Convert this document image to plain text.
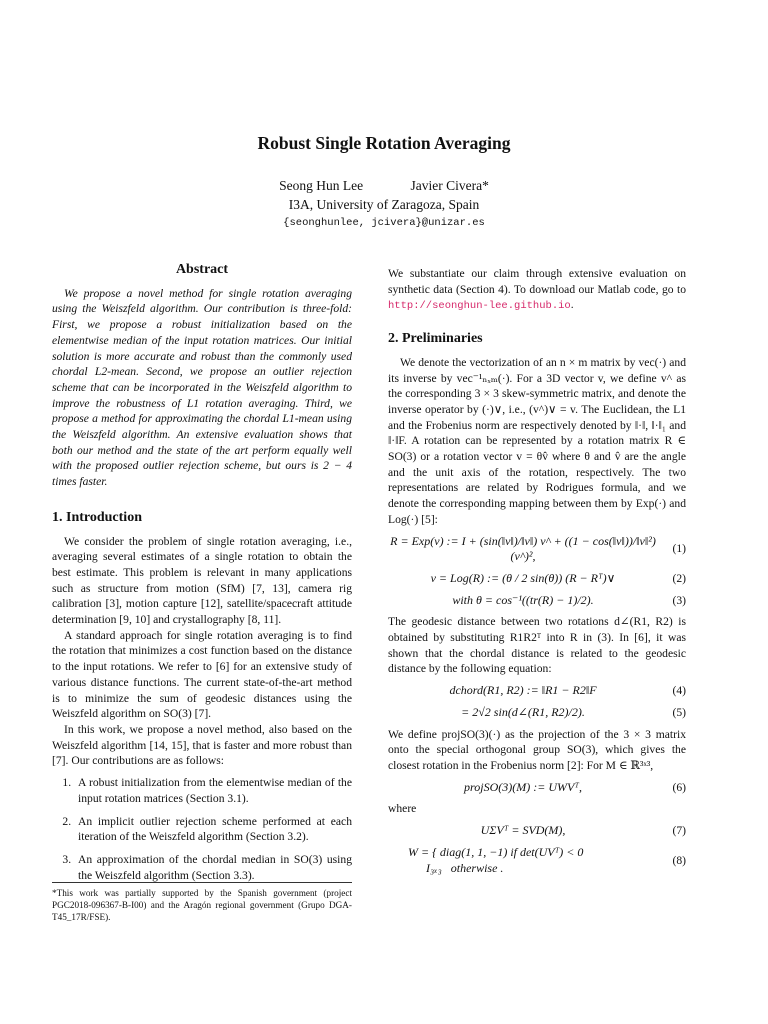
Robust Single Rotation Averaging
Seong Hun Lee	Javier Civera*
I3A, University of Zaragoza, Spain
{seonghunlee, jcivera}@unizar.es
Abstract

We propose a novel method for single rotation averaging using the Weiszfeld algorithm. Our contribution is three-fold: First, we propose a robust initialization based on the elementwise median of the input rotation matrices. Our initial solution is more accurate and robust than the commonly used chordal L2-mean. Second, we propose an outlier rejection scheme that can be incorporated in the Weiszfeld algorithm to improve the robustness of L1 rotation averaging. Third, we propose a method for approximating the chordal L1-mean using the Weiszfeld algorithm. An extensive evaluation shows that both our method and the state of the art perform equally well with the proposed outlier rejection scheme, but ours is 2 − 4 times faster.

1. Introduction

We consider the problem of single rotation averaging, i.e., averaging several estimates of a single rotation to obtain the best estimate. This problem is relevant in many applications such as structure from motion (SfM) [7, 13], camera rig calibration [3], motion capture [12], satellite/spacecraft attitude determination [9, 10] and crystallography [8, 11].

A standard approach for single rotation averaging is to find the rotation that minimizes a cost function based on the distance to the input rotations. We refer to [6] for an extensive study of various distance functions. The current state-of-the-art method is to minimize the sum of geodesic distances using the Weiszfeld algorithm on SO(3) [7].

In this work, we propose a novel method, also based on the Weiszfeld algorithm [14, 15], that is faster and more robust than [7]. Our contributions are as follows:

1. A robust initialization from the elementwise median of the input rotation matrices (Section 3.1).
2. An implicit outlier rejection scheme performed at each iteration of the Weiszfeld algorithm (Section 3.2).
3. An approximation of the chordal median in SO(3) using the Weiszfeld algorithm (Section 3.3).
*This work was partially supported by the Spanish government (project PGC2018-096367-B-I00) and the Aragón regional government (Grupo DGA-T45_17R/FSE).

We substantiate our claim through extensive evaluation on synthetic data (Section 4). To download our Matlab code, go to http://seonghun-lee.github.io.

2. Preliminaries

We denote the vectorization of an n × m matrix by vec(·) and its inverse by vec⁻¹ₙₓₘ(·). For a 3D vector v, we define v^ as the corresponding 3 × 3 skew-symmetric matrix, and denote the inverse operator by (·)∨, i.e., (v^)∨ = v. The Euclidean, the L1 and the Frobenius norm are respectively denoted by ‖·‖, ‖·‖₁ and ‖·‖F. A rotation can be represented by a rotation matrix R ∈ SO(3) or a rotation vector v = θv̂ where θ and v̂ are the angle and the unit axis of the rotation, respectively. The two representations are related by Rodrigues formula, and we denote the corresponding mapping between them by Exp(·) and Log(·) [5]:

R = Exp(v) := I + (sin(‖v‖)/‖v‖) v^ + ((1 − cos(‖v‖))/‖v‖²) (v^)²,
(1)
v = Log(R) := (θ / 2 sin(θ)) (R − Rᵀ)∨	(2)
with θ = cos⁻¹((tr(R) − 1)/2).	(3)

The geodesic distance between two rotations d∠(R1, R2) is obtained by substituting R1R2ᵀ into R in (3). In [6], it was shown that the chordal distance is related to the geodesic distance by the following equation:

dchord(R1, R2) := ‖R1 − R2‖F	(4)
= 2√2 sin(d∠(R1, R2)/2).	(5)

We define projSO(3)(·) as the projection of the 3 × 3 matrix onto the special orthogonal group SO(3), which gives the closest rotation in the Frobenius norm [2]: For M ∈ ℝ³ˣ³,

projSO(3)(M) := UWVᵀ,	(6)

where

UΣVᵀ = SVD(M),	(7)
W = { diag(1, 1, −1) if det(UVᵀ) < 0
I₃ₓ₃   otherwise .
(8)
